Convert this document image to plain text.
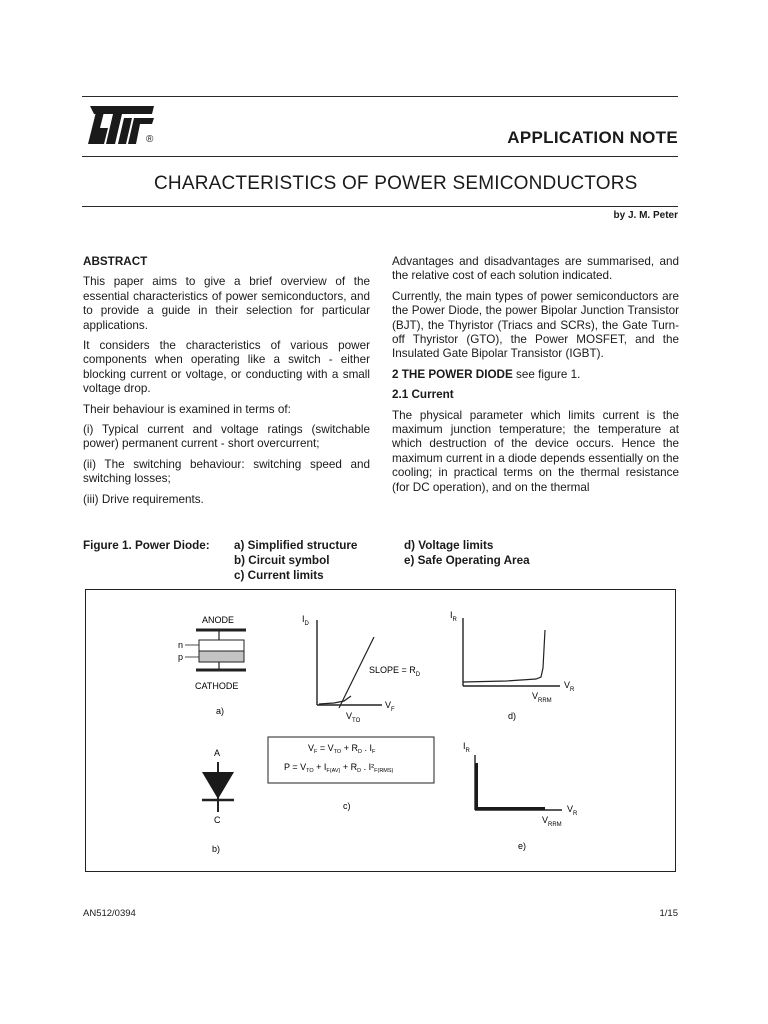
®	APPLICATION NOTE
CHARACTERISTICS OF POWER SEMICONDUCTORS
by J. M. Peter

ABSTRACT

This paper aims to give a brief overview of the essential characteristics of power semiconductors, and to provide a guide in their selection for particular applications.

It considers the characteristics of various power components when operating like a switch - either blocking current or voltage, or conducting with a small voltage drop.

Their behaviour is examined in terms of:

(i) Typical current and voltage ratings (switchable power) permanent current - short overcurrent;

(ii) The switching behaviour: switching speed and switching losses;

(iii) Drive requirements.

Advantages and disadvantages are summarised, and the relative cost of each solution indicated.

Currently, the main types of power semiconductors are the Power Diode, the power Bipolar Junction Transistor (BJT), the Thyristor (Triacs and SCRs), the Gate Turn-off Thyristor (GTO), the Power MOSFET, and the Insulated Gate Bipolar Transistor (IGBT).

2 THE POWER DIODE see figure 1.

2.1 Current

The physical parameter which limits current is the maximum junction temperature; the temperature at which destruction of the device occurs. Hence the maximum current in a diode depends essentially on the cooling; in practical terms on the thermal resistance (for DC operation), and on the thermal

Figure 1. Power Diode: a) Simplified structure
b) Circuit symbol
c) Current limits
d) Voltage limits
e) Safe Operating Area
ANODE
n
p
CATHODE
a)
A
C
b)
$I_D$
$V_F$
$V_{TO}$
SLOPE = $R_D$
$V_F = V_{TO} + R_D$ . $I_F$
$P = V_{TO} + I_{F(AV)} + R_D$ . $I^2_{F(RMS)}$
c)
$I_R$
$V_R$
$V_{RRM}$
d)
$I_R$
$V_R$
$V_{RRM}$
e)
AN512/0394	1/15
